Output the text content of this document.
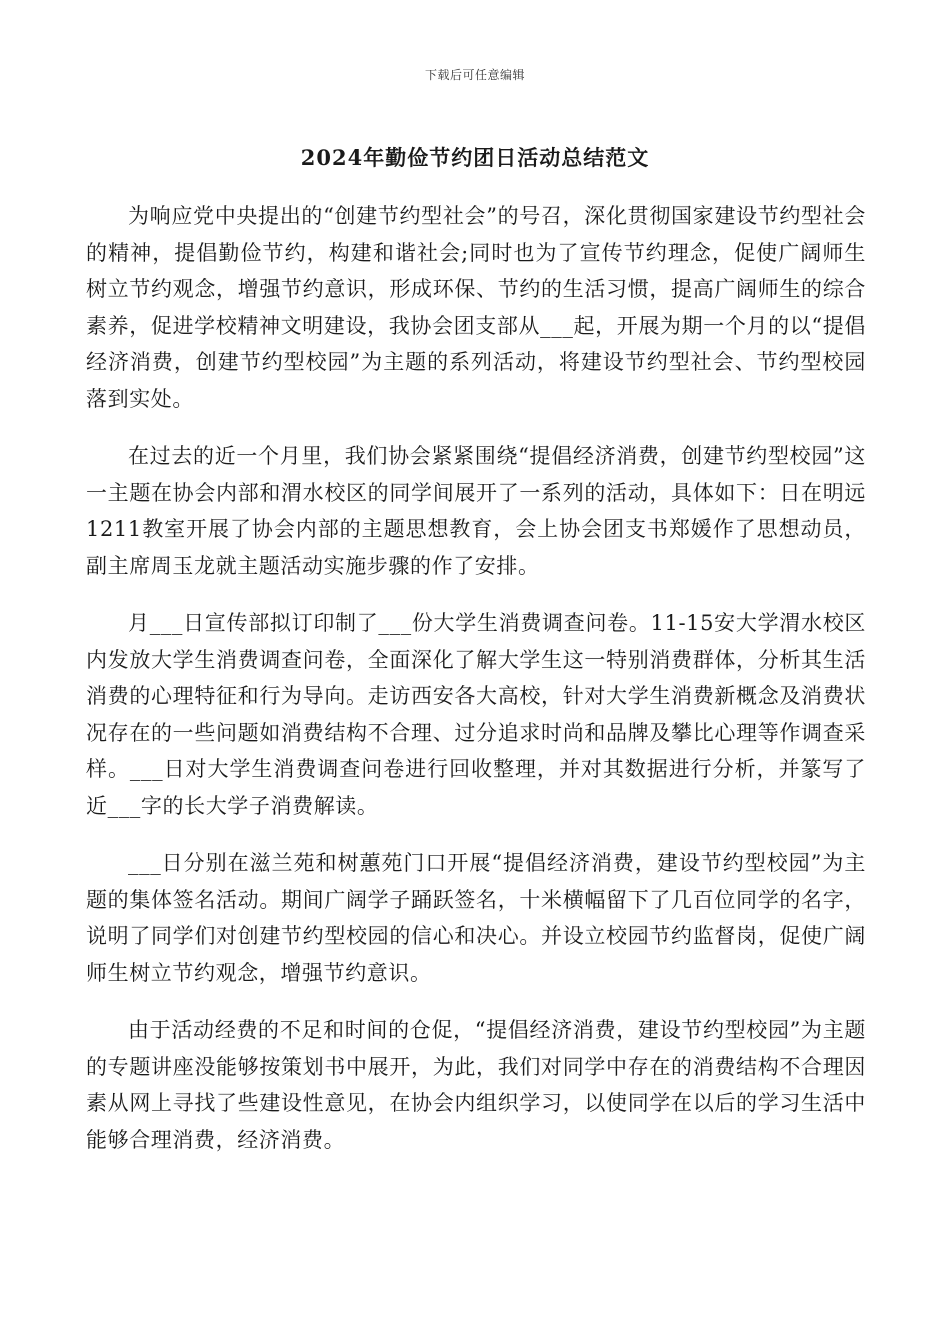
下载后可任意编辑
2024年勤俭节约团日活动总结范文

为响应党中央提出的“创建节约型社会”的号召，深化贯彻国家建设节约型社会的精神，提倡勤俭节约，构建和谐社会;同时也为了宣传节约理念，促使广阔师生树立节约观念，增强节约意识，形成环保、节约的生活习惯，提高广阔师生的综合素养，促进学校精神文明建设，我协会团支部从___起，开展为期一个月的以“提倡经济消费，创建节约型校园”为主题的系列活动，将建设节约型社会、节约型校园落到实处。

在过去的近一个月里，我们协会紧紧围绕“提倡经济消费，创建节约型校园”这一主题在协会内部和渭水校区的同学间展开了一系列的活动，具体如下：日在明远1211教室开展了协会内部的主题思想教育，会上协会团支书郑媛作了思想动员，副主席周玉龙就主题活动实施步骤的作了安排。

月___日宣传部拟订印制了___份大学生消费调查问卷。11-15安大学渭水校区内发放大学生消费调查问卷，全面深化了解大学生这一特别消费群体，分析其生活消费的心理特征和行为导向。走访西安各大高校，针对大学生消费新概念及消费状况存在的一些问题如消费结构不合理、过分追求时尚和品牌及攀比心理等作调查采样。___日对大学生消费调查问卷进行回收整理，并对其数据进行分析，并篆写了近___字的长大学子消费解读。

___日分别在滋兰苑和树蕙苑门口开展“提倡经济消费，建设节约型校园”为主题的集体签名活动。期间广阔学子踊跃签名，十米横幅留下了几百位同学的名字，说明了同学们对创建节约型校园的信心和决心。并设立校园节约监督岗，促使广阔师生树立节约观念，增强节约意识。

由于活动经费的不足和时间的仓促，“提倡经济消费，建设节约型校园”为主题的专题讲座没能够按策划书中展开，为此，我们对同学中存在的消费结构不合理因素从网上寻找了些建设性意见，在协会内组织学习，以使同学在以后的学习生活中能够合理消费，经济消费。
